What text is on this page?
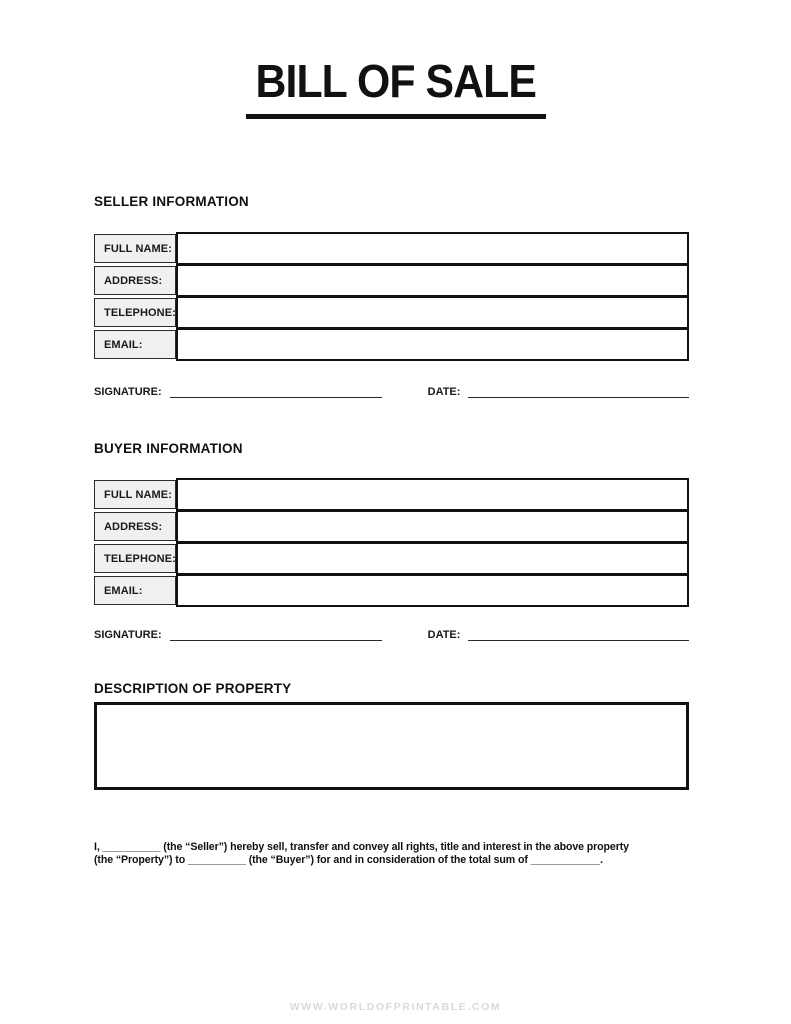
BILL OF SALE
SELLER INFORMATION
FULL NAME:
ADDRESS:
TELEPHONE:
EMAIL:
SIGNATURE:	DATE:
BUYER INFORMATION
FULL NAME:
ADDRESS:
TELEPHONE:
EMAIL:
SIGNATURE:	DATE:
DESCRIPTION OF PROPERTY
I, __________ (the “Seller”) hereby sell, transfer and convey all rights, title and interest in the above property
(the “Property”) to __________ (the “Buyer”) for and in consideration of the total sum of ____________.
WWW.WORLDOFPRINTABLE.COM
